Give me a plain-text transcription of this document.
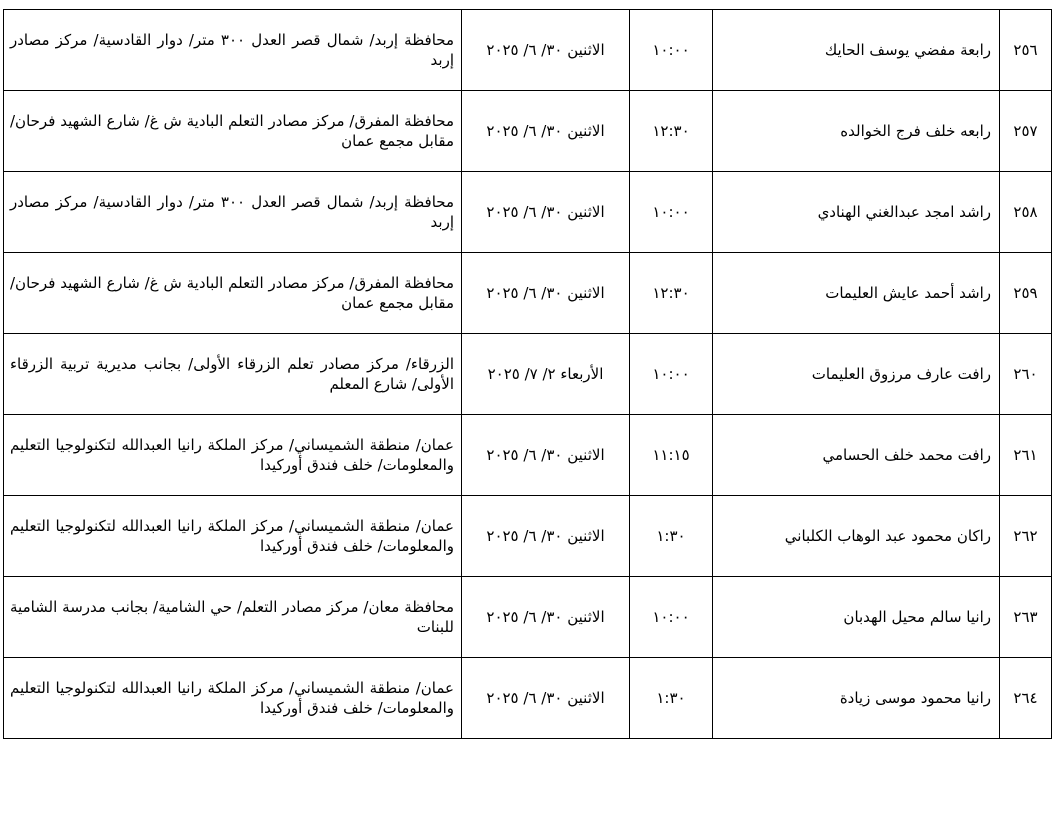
٢٥٦	رابعة مفضي يوسف الحايك	١٠:٠٠	الاثنين ٣٠/ ٦/ ٢٠٢٥	محافظة إربد/ شمال قصر العدل ٣٠٠ متر/ دوار القادسية/ مركز مصادر إربد
٢٥٧	رابعه خلف فرج الخوالده	١٢:٣٠	الاثنين ٣٠/ ٦/ ٢٠٢٥	محافظة المفرق/ مركز مصادر التعلم البادية ش غ/ شارع الشهيد فرحان/ مقابل مجمع عمان
٢٥٨	راشد امجد عبدالغني الهنادي	١٠:٠٠	الاثنين ٣٠/ ٦/ ٢٠٢٥	محافظة إربد/ شمال قصر العدل ٣٠٠ متر/ دوار القادسية/ مركز مصادر إربد
٢٥٩	راشد أحمد عايش العليمات	١٢:٣٠	الاثنين ٣٠/ ٦/ ٢٠٢٥	محافظة المفرق/ مركز مصادر التعلم البادية ش غ/ شارع الشهيد فرحان/ مقابل مجمع عمان
٢٦٠	رافت عارف مرزوق العليمات	١٠:٠٠	الأربعاء ٢/ ٧/ ٢٠٢٥	الزرقاء/ مركز مصادر تعلم الزرقاء الأولى/ بجانب مديرية تربية الزرقاء الأولى/ شارع المعلم
٢٦١	رافت محمد خلف الحسامي	١١:١٥	الاثنين ٣٠/ ٦/ ٢٠٢٥	عمان/ منطقة الشميساني/ مركز الملكة رانيا العبدالله لتكنولوجيا التعليم والمعلومات/ خلف فندق أوركيدا
٢٦٢	راكان محمود عبد الوهاب الكلباني	١:٣٠	الاثنين ٣٠/ ٦/ ٢٠٢٥	عمان/ منطقة الشميساني/ مركز الملكة رانيا العبدالله لتكنولوجيا التعليم والمعلومات/ خلف فندق أوركيدا
٢٦٣	رانيا سالم محيل الهدبان	١٠:٠٠	الاثنين ٣٠/ ٦/ ٢٠٢٥	محافظة معان/ مركز مصادر التعلم/ حي الشامية/ بجانب مدرسة الشامية للبنات
٢٦٤	رانيا محمود موسى زيادة	١:٣٠	الاثنين ٣٠/ ٦/ ٢٠٢٥	عمان/ منطقة الشميساني/ مركز الملكة رانيا العبدالله لتكنولوجيا التعليم والمعلومات/ خلف فندق أوركيدا
